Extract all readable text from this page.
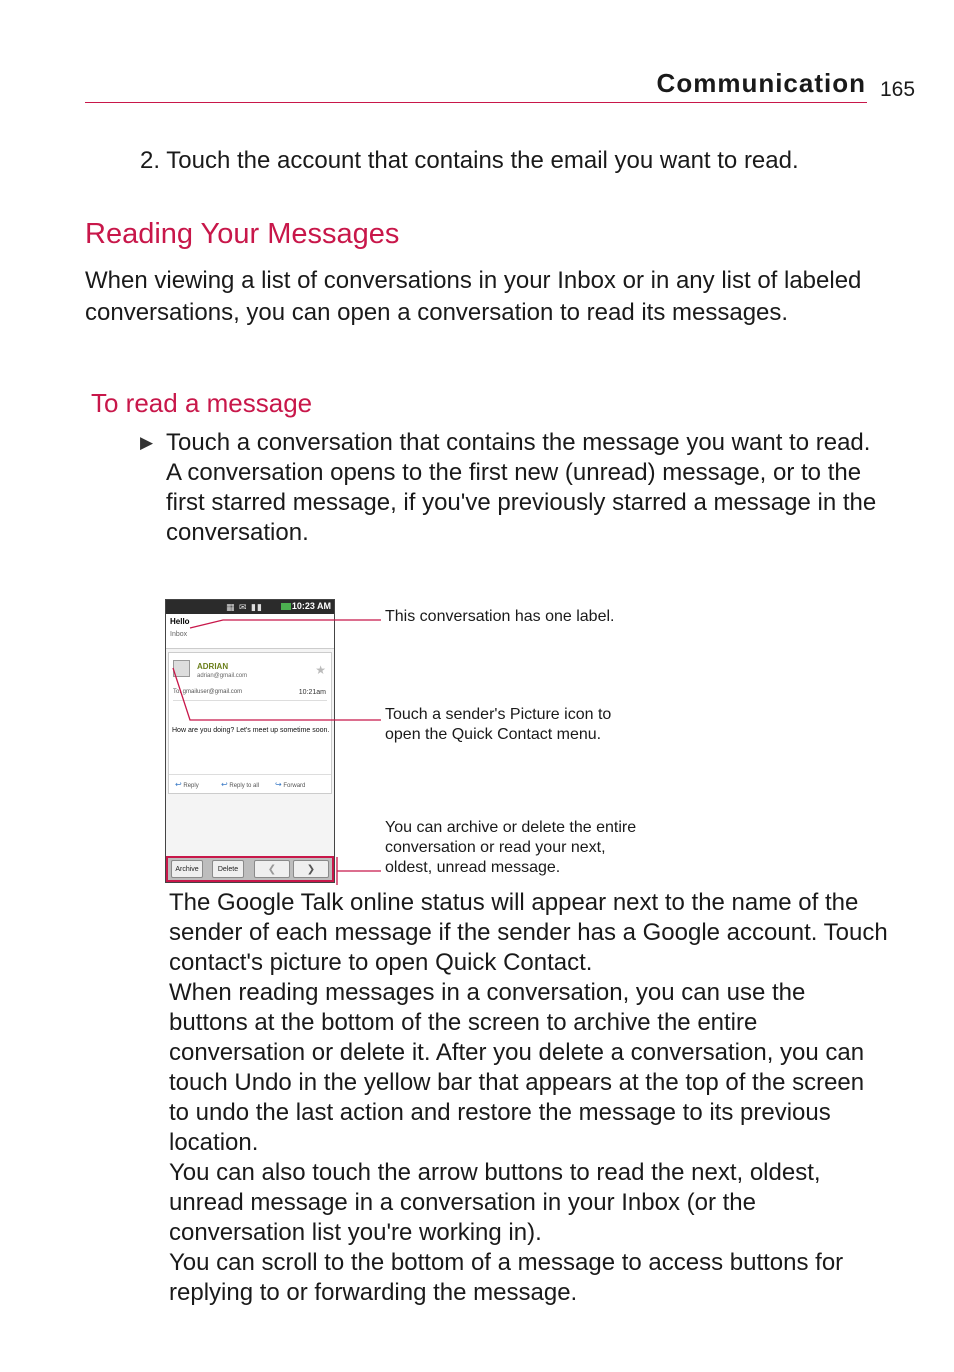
Communication 165
2. Touch the account that contains the email you want to read.
Reading Your Messages
When viewing a list of conversations in your Inbox or in any list of labeled conversations, you can open a conversation to read its messages.
To read a message
▶ Touch a conversation that contains the message you want to read.

A conversation opens to the first new (unread) message, or to the first starred message, if you've previously starred a message in the conversation.

▦ ✉ ▮▮	10:23 AM
Hello
Inbox
ADRIAN
adrian@gmail.com	★
To: gmailuser@gmail.com	10:21am
How are you doing? Let's meet up sometime soon.
↩ Reply	↩ Reply to all ↪ Forward
Archive	Delete	❮	❯
This conversation has one label.
Touch a sender's Picture icon to open the Quick Contact menu.
You can archive or delete the entire conversation or read your next, oldest, unread message.

The Google Talk online status will appear next to the name of the sender of each message if the sender has a Google account. Touch contact's picture to open Quick Contact.

When reading messages in a conversation, you can use the buttons at the bottom of the screen to archive the entire conversation or delete it. After you delete a conversation, you can touch Undo in the yellow bar that appears at the top of the screen to undo the last action and restore the message to its previous location.

You can also touch the arrow buttons to read the next, oldest, unread message in a conversation in your Inbox (or the conversation list you're working in).

You can scroll to the bottom of a message to access buttons for replying to or forwarding the message.
